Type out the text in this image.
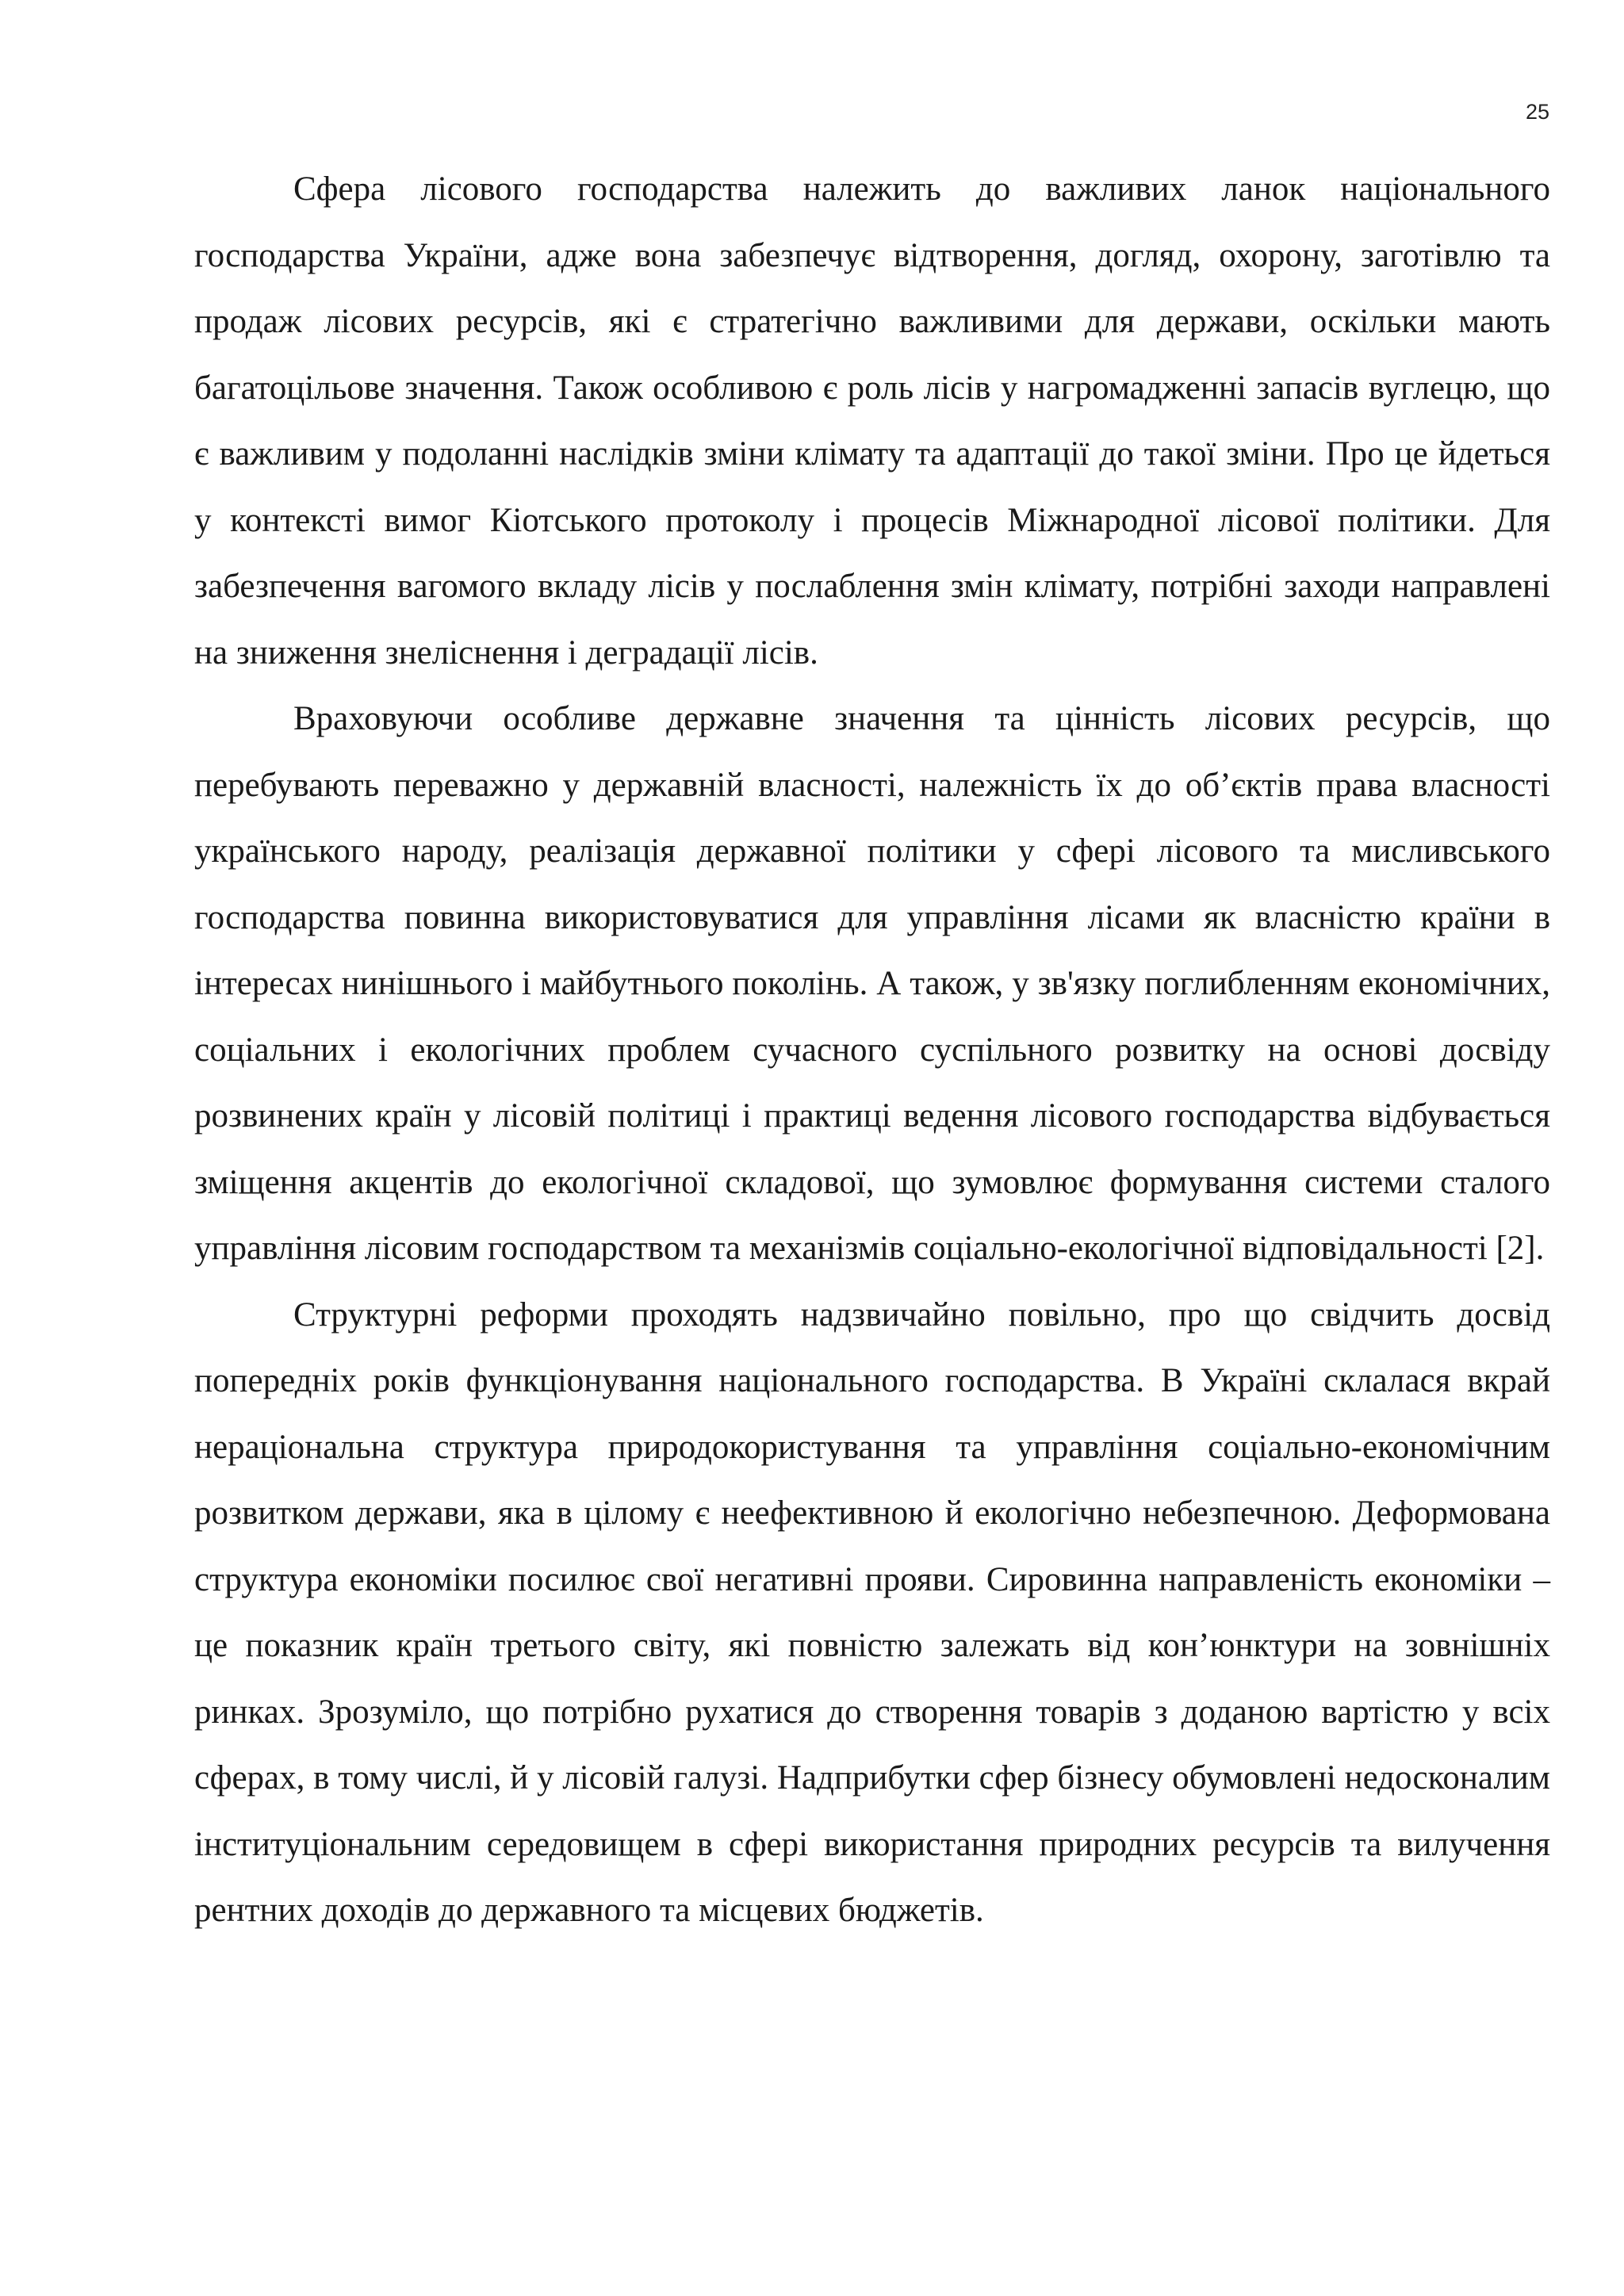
25

Сфера лісового господарства належить до важливих ланок національного господарства України, адже вона забезпечує відтворення, догляд, охорону, заготівлю та продаж лісових ресурсів, які є стратегічно важливими для держави, оскільки мають багатоцільове значення. Також особливою є роль лісів у нагромадженні запасів вуглецю, що є важливим у подоланні наслідків зміни клімату та адаптації до такої зміни. Про це йдеться у контексті вимог Кіотського протоколу і процесів Міжнародної лісової політики. Для забезпечення вагомого вкладу лісів у послаблення змін клімату, потрібні заходи направлені на зниження знеліснення і деградації лісів.

Враховуючи особливе державне значення та цінність лісових ресурсів, що перебувають переважно у державній власності, належність їх до об’єктів права власності українського народу, реалізація державної політики у сфері лісового та мисливського господарства повинна використовуватися для управління лісами як власністю країни в інтересах нинішнього і майбутнього поколінь. А також, у зв'язку поглибленням економічних, соціальних і екологічних проблем сучасного суспільного розвитку на основі досвіду розвинених країн у лісовій політиці і практиці ведення лісового господарства відбувається зміщення акцентів до екологічної складової, що зумовлює формування системи сталого управління лісовим господарством та механізмів соціально-екологічної відповідальності [2].

Структурні реформи проходять надзвичайно повільно, про що свідчить досвід попередніх років функціонування національного господарства. В Україні склалася вкрай нераціональна структура природокористування та управління соціально-економічним розвитком держави, яка в цілому є неефективною й екологічно небезпечною. Деформована структура економіки посилює свої негативні прояви. Сировинна направленість економіки – це показник країн третього світу, які повністю залежать від кон’юнктури на зовнішніх ринках. Зрозуміло, що потрібно рухатися до створення товарів з доданою вартістю у всіх сферах, в тому числі, й у лісовій галузі. Надприбутки сфер бізнесу обумовлені недосконалим інституціональним середовищем в сфері використання природних ресурсів та вилучення рентних доходів до державного та місцевих бюджетів.
